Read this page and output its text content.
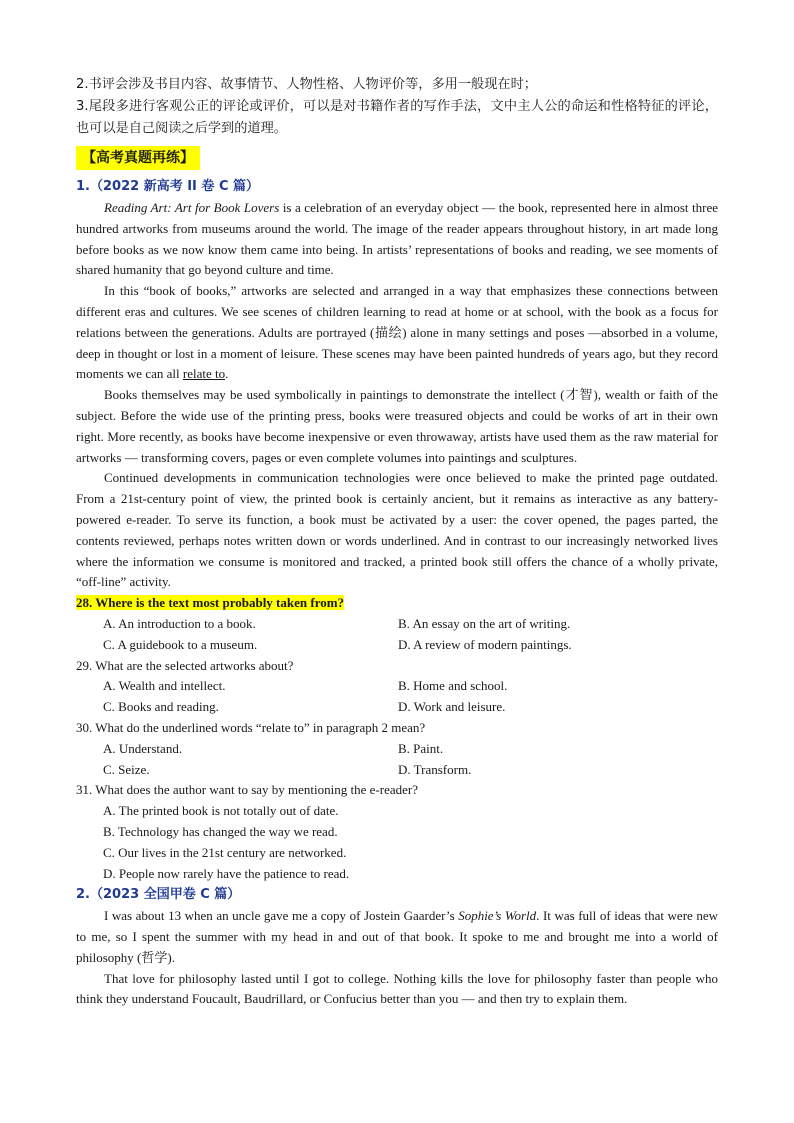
2.书评会涉及书目内容、故事情节、人物性格、人物评价等，多用一般现在时；

3.尾段多进行客观公正的评论或评价，可以是对书籍作者的写作手法，文中主人公的命运和性格特征的评论，也可以是自己阅读之后学到的道理。

【高考真题再练】

1.（2022 新高考 II 卷 C 篇）

Reading Art: Art for Book Lovers is a celebration of an everyday object — the book, represented here in almost three hundred artworks from museums around the world. The image of the reader appears throughout history, in art made long before books as we now know them came into being. In artists’ representations of books and reading, we see moments of shared humanity that go beyond culture and time.

In this “book of books,” artworks are selected and arranged in a way that emphasizes these connections between different eras and cultures. We see scenes of children learning to read at home or at school, with the book as a focus for relations between the generations. Adults are portrayed (描绘) alone in many settings and poses —absorbed in a volume, deep in thought or lost in a moment of leisure. These scenes may have been painted hundreds of years ago, but they record moments we can all relate to.

Books themselves may be used symbolically in paintings to demonstrate the intellect (才智), wealth or faith of the subject. Before the wide use of the printing press, books were treasured objects and could be works of art in their own right. More recently, as books have become inexpensive or even throwaway, artists have used them as the raw material for artworks — transforming covers, pages or even complete volumes into paintings and sculptures.

Continued developments in communication technologies were once believed to make the printed page outdated. From a 21st-century point of view, the printed book is certainly ancient, but it remains as interactive as any battery-powered e-reader. To serve its function, a book must be activated by a user: the cover opened, the pages parted, the contents reviewed, perhaps notes written down or words underlined. And in contrast to our increasingly networked lives where the information we consume is monitored and tracked, a printed book still offers the chance of a wholly private, “off-line” activity.

28. Where is the text most probably taken from?

A. An introduction to a book.	B. An essay on the art of writing.
C. A guidebook to a museum.	D. A review of modern paintings.

29. What are the selected artworks about?

A. Wealth and intellect.	B. Home and school.
C. Books and reading.	D. Work and leisure.

30. What do the underlined words “relate to” in paragraph 2 mean?

A. Understand.	B. Paint.
C. Seize.	D. Transform.

31. What does the author want to say by mentioning the e-reader?

A. The printed book is not totally out of date.
B. Technology has changed the way we read.
C. Our lives in the 21st century are networked.
D. People now rarely have the patience to read.

2.（2023 全国甲卷 C 篇）

I was about 13 when an uncle gave me a copy of Jostein Gaarder’s Sophie’s World. It was full of ideas that were new to me, so I spent the summer with my head in and out of that book. It spoke to me and brought me into a world of philosophy (哲学).

That love for philosophy lasted until I got to college. Nothing kills the love for philosophy faster than people who think they understand Foucault, Baudrillard, or Confucius better than you — and then try to explain them.
